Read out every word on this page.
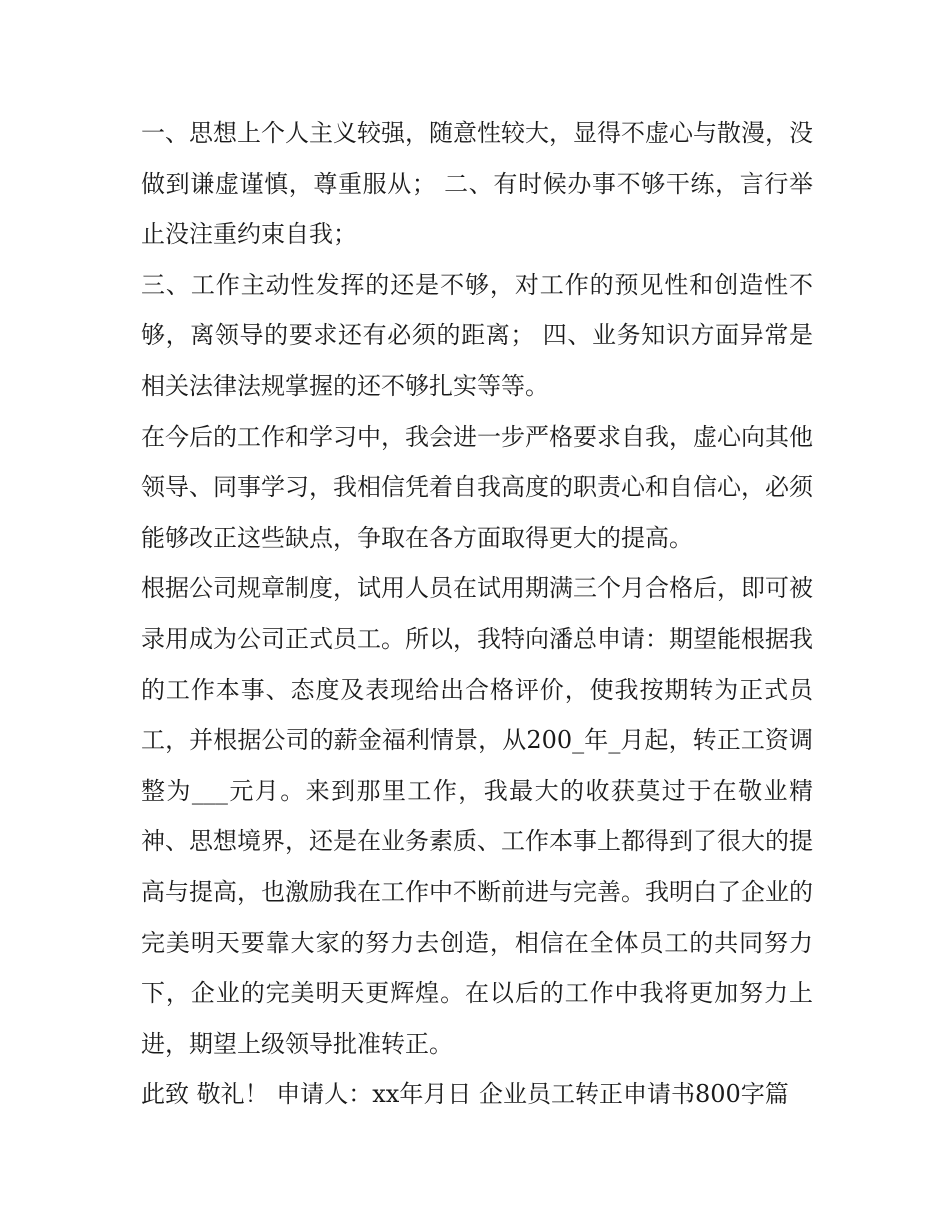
一、思想上个人主义较强，随意性较大，显得不虚心与散漫，没做到谦虚谨慎，尊重服从； 二、有时候办事不够干练，言行举止没注重约束自我；

三、工作主动性发挥的还是不够，对工作的预见性和创造性不够，离领导的要求还有必须的距离； 四、业务知识方面异常是相关法律法规掌握的还不够扎实等等。

在今后的工作和学习中，我会进一步严格要求自我，虚心向其他领导、同事学习，我相信凭着自我高度的职责心和自信心，必须能够改正这些缺点，争取在各方面取得更大的提高。

根据公司规章制度，试用人员在试用期满三个月合格后，即可被录用成为公司正式员工。所以，我特向潘总申请：期望能根据我的工作本事、态度及表现给出合格评价，使我按期转为正式员工，并根据公司的薪金福利情景，从200_年_月起，转正工资调整为___元月。来到那里工作，我最大的收获莫过于在敬业精神、思想境界，还是在业务素质、工作本事上都得到了很大的提高与提高，也激励我在工作中不断前进与完善。我明白了企业的完美明天要靠大家的努力去创造，相信在全体员工的共同努力下，企业的完美明天更辉煌。在以后的工作中我将更加努力上进，期望上级领导批准转正。

此致 敬礼！ 申请人：xx年月日 企业员工转正申请书800字篇
